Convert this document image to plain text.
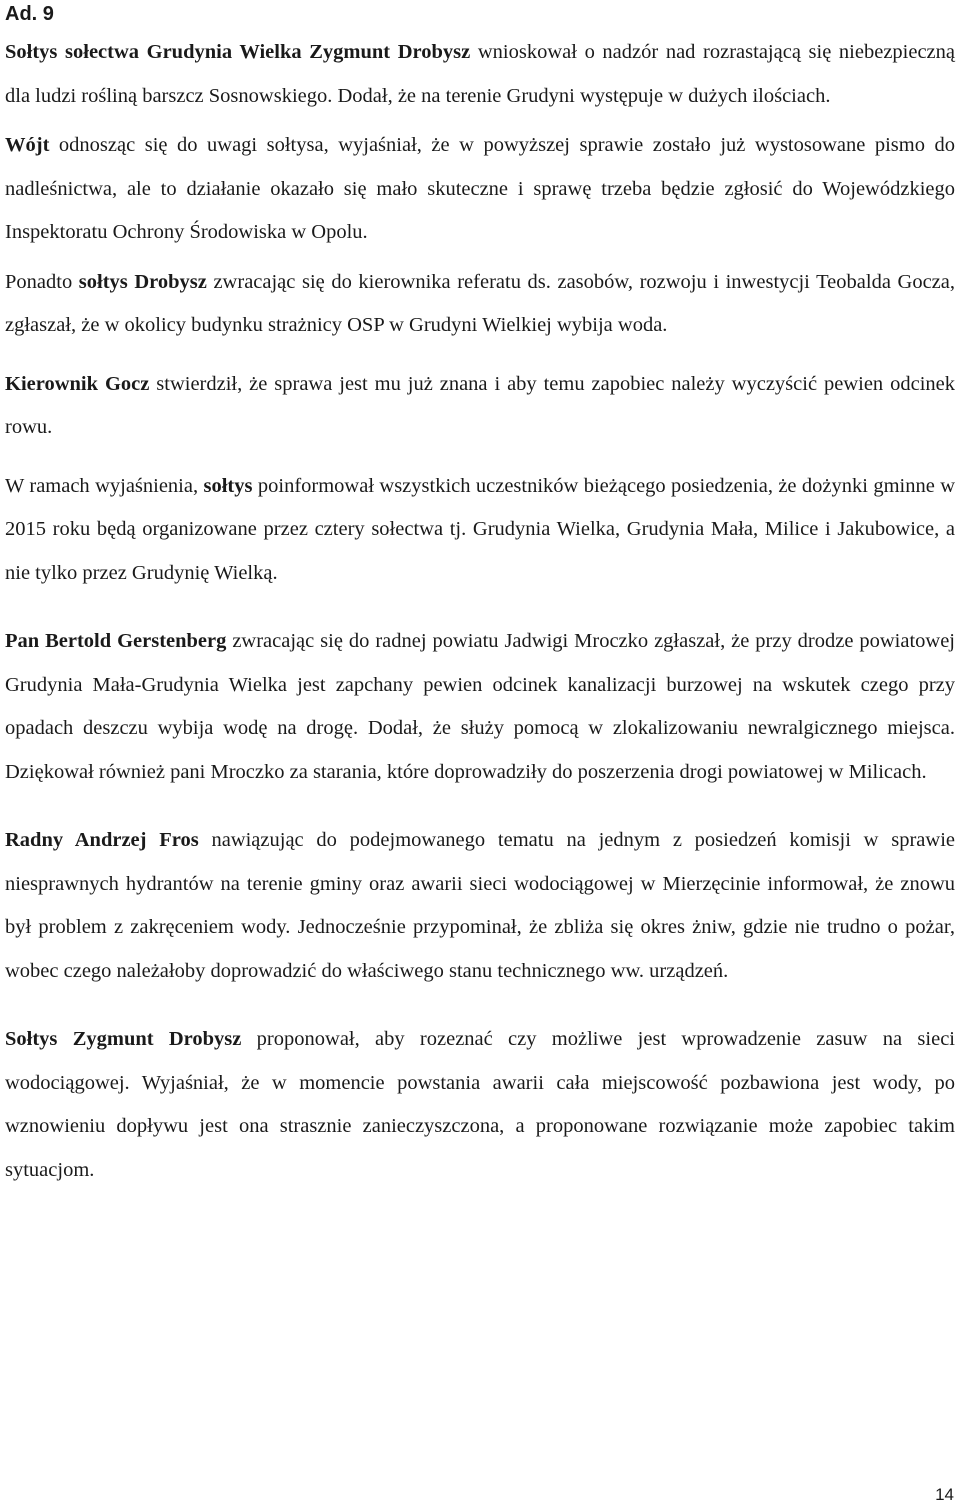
Ad. 9

Sołtys sołectwa Grudynia Wielka Zygmunt Drobysz wnioskował o nadzór nad rozrastającą się niebezpieczną dla ludzi rośliną barszcz Sosnowskiego. Dodał, że na terenie Grudyni występuje w dużych ilościach.

Wójt odnosząc się do uwagi sołtysa, wyjaśniał, że w powyższej sprawie zostało już wystosowane pismo do nadleśnictwa, ale to działanie okazało się mało skuteczne i sprawę trzeba będzie zgłosić do Wojewódzkiego Inspektoratu Ochrony Środowiska w Opolu.

Ponadto sołtys Drobysz zwracając się do kierownika referatu ds. zasobów, rozwoju i inwestycji Teobalda Gocza, zgłaszał, że w okolicy budynku strażnicy OSP w Grudyni Wielkiej wybija woda.

Kierownik Gocz stwierdził, że sprawa jest mu już znana i aby temu zapobiec należy wyczyścić pewien odcinek rowu.

W ramach wyjaśnienia, sołtys poinformował wszystkich uczestników bieżącego posiedzenia, że dożynki gminne w 2015 roku będą organizowane przez cztery sołectwa tj. Grudynia Wielka, Grudynia Mała, Milice i Jakubowice, a nie tylko przez Grudynię Wielką.

Pan Bertold Gerstenberg zwracając się do radnej powiatu Jadwigi Mroczko zgłaszał, że przy drodze powiatowej Grudynia Mała-Grudynia Wielka jest zapchany pewien odcinek kanalizacji burzowej na wskutek czego przy opadach deszczu wybija wodę na drogę. Dodał, że służy pomocą w zlokalizowaniu newralgicznego miejsca. Dziękował również pani Mroczko za starania, które doprowadziły do poszerzenia drogi powiatowej w Milicach.

Radny Andrzej Fros nawiązując do podejmowanego tematu na jednym z posiedzeń komisji w sprawie niesprawnych hydrantów na terenie gminy oraz awarii sieci wodociągowej w Mierzęcinie informował, że znowu był problem z zakręceniem wody. Jednocześnie przypominał, że zbliża się okres żniw, gdzie nie trudno o pożar, wobec czego należałoby doprowadzić do właściwego stanu technicznego ww. urządzeń.

Sołtys Zygmunt Drobysz proponował, aby rozeznać czy możliwe jest wprowadzenie zasuw na sieci wodociągowej. Wyjaśniał, że w momencie powstania awarii cała miejscowość pozbawiona jest wody, po wznowieniu dopływu jest ona strasznie zanieczyszczona, a proponowane rozwiązanie może zapobiec takim sytuacjom.

14
